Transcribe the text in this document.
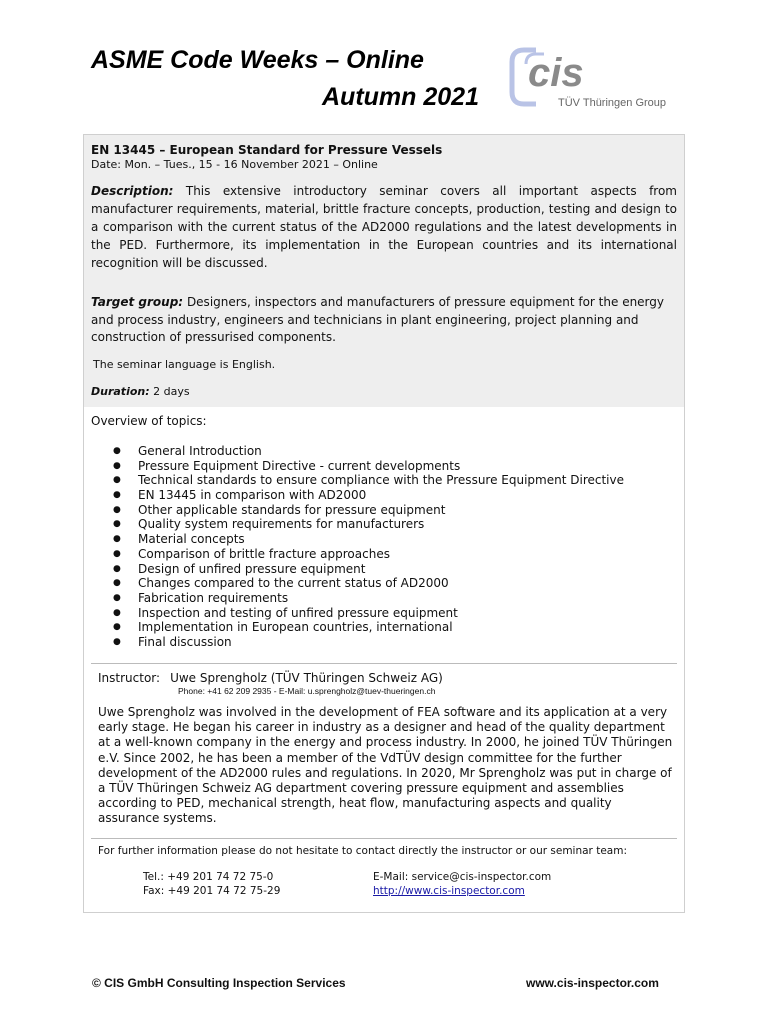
ASME Code Weeks – Online
Autumn 2021
cis
TÜV Thüringen Group
EN 13445 – European Standard for Pressure Vessels
Date: Mon. – Tues., 15 - 16 November 2021 – Online
Description: This extensive introductory seminar covers all important aspects from manufacturer requirements, material, brittle fracture concepts, production, testing and design to a comparison with the current status of the AD2000 regulations and the latest developments in the PED. Furthermore, its implementation in the European countries and its international recognition will be discussed.
Target group: Designers, inspectors and manufacturers of pressure equipment for the energy and process industry, engineers and technicians in plant engineering, project planning and construction of pressurised components.
The seminar language is English.
Duration: 2 days
Overview of topics:
● General Introduction
● Pressure Equipment Directive - current developments
● Technical standards to ensure compliance with the Pressure Equipment Directive
● EN 13445 in comparison with AD2000
● Other applicable standards for pressure equipment
● Quality system requirements for manufacturers
● Material concepts
● Comparison of brittle fracture approaches
● Design of unfired pressure equipment
● Changes compared to the current status of AD2000
● Fabrication requirements
● Inspection and testing of unfired pressure equipment
● Implementation in European countries, international
● Final discussion
Instructor: Uwe Sprengholz (TÜV Thüringen Schweiz AG)
Phone: +41 62 209 2935 - E-Mail: u.sprengholz@tuev-thueringen.ch
Uwe Sprengholz was involved in the development of FEA software and its application at a very early stage. He began his career in industry as a designer and head of the quality department at a well-known company in the energy and process industry. In 2000, he joined TÜV Thüringen e.V. Since 2002, he has been a member of the VdTÜV design committee for the further development of the AD2000 rules and regulations. In 2020, Mr Sprengholz was put in charge of a TÜV Thüringen Schweiz AG department covering pressure equipment and assemblies according to PED, mechanical strength, heat flow, manufacturing aspects and quality assurance systems.
For further information please do not hesitate to contact directly the instructor or our seminar team:
Tel.: +49 201 74 72 75-0
Fax: +49 201 74 72 75-29
E-Mail: service@cis-inspector.com
http://www.cis-inspector.com
© CIS GmbH Consulting Inspection Services	www.cis-inspector.com
